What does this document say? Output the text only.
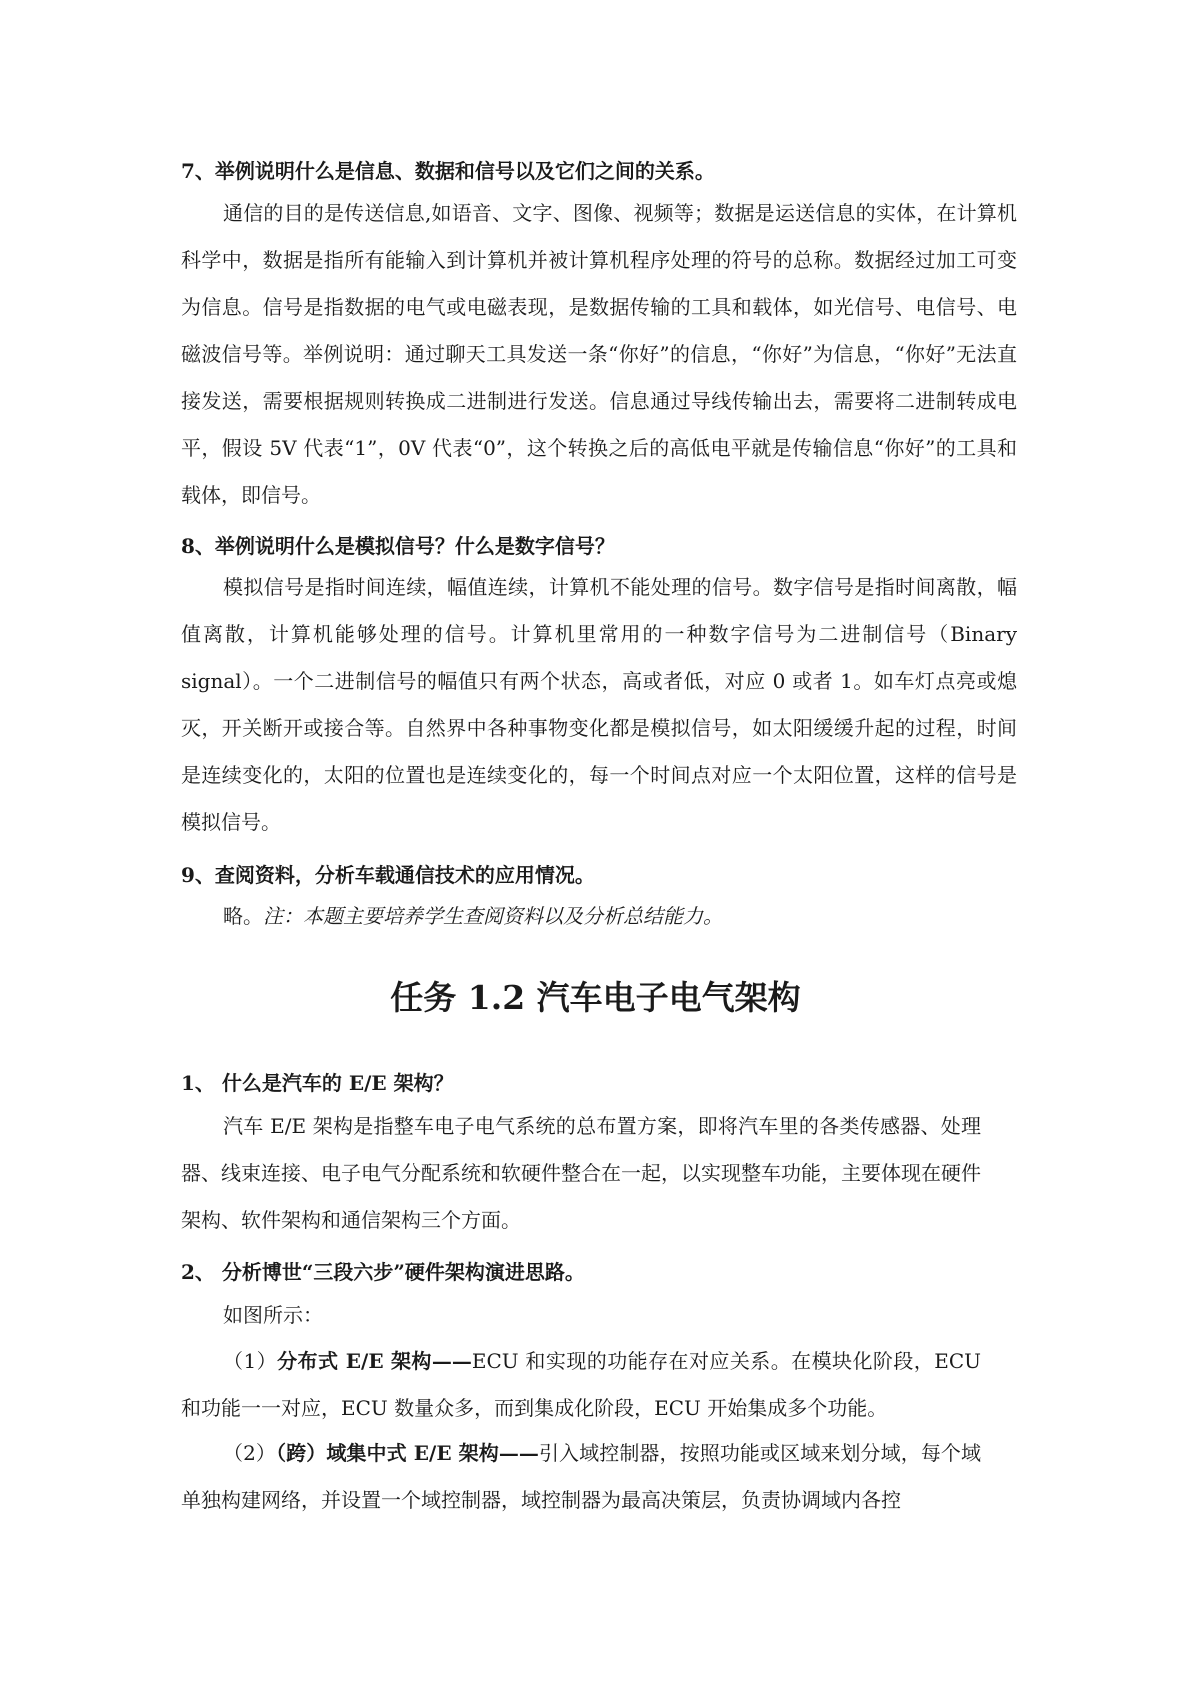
7、举例说明什么是信息、数据和信号以及它们之间的关系。

通信的目的是传送信息,如语音、文字、图像、视频等；数据是运送信息的实体，在计算机科学中，数据是指所有能输入到计算机并被计算机程序处理的符号的总称。数据经过加工可变为信息。信号是指数据的电气或电磁表现，是数据传输的工具和载体，如光信号、电信号、电磁波信号等。举例说明：通过聊天工具发送一条“你好”的信息，“你好”为信息，“你好”无法直接发送，需要根据规则转换成二进制进行发送。信息通过导线传输出去，需要将二进制转成电平，假设 5V 代表“1”，0V 代表“0”，这个转换之后的高低电平就是传输信息“你好”的工具和载体，即信号。

8、举例说明什么是模拟信号？什么是数字信号？

模拟信号是指时间连续，幅值连续，计算机不能处理的信号。数字信号是指时间离散，幅值离散，计算机能够处理的信号。计算机里常用的一种数字信号为二进制信号（Binary signal）。一个二进制信号的幅值只有两个状态，高或者低，对应 0 或者 1。如车灯点亮或熄灭，开关断开或接合等。自然界中各种事物变化都是模拟信号，如太阳缓缓升起的过程，时间是连续变化的，太阳的位置也是连续变化的，每一个时间点对应一个太阳位置，这样的信号是模拟信号。

9、查阅资料，分析车载通信技术的应用情况。

略。注：本题主要培养学生查阅资料以及分析总结能力。

任务 1.2 汽车电子电气架构

1、 什么是汽车的 E/E 架构？

汽车 E/E 架构是指整车电子电气系统的总布置方案，即将汽车里的各类传感器、处理器、线束连接、电子电气分配系统和软硬件整合在一起，以实现整车功能，主要体现在硬件架构、软件架构和通信架构三个方面。

2、 分析博世“三段六步”硬件架构演进思路。

如图所示：

（1）分布式 E/E 架构——ECU 和实现的功能存在对应关系。在模块化阶段，ECU 和功能一一对应，ECU 数量众多，而到集成化阶段，ECU 开始集成多个功能。

（2）（跨）域集中式 E/E 架构——引入域控制器，按照功能或区域来划分域，每个域单独构建网络，并设置一个域控制器，域控制器为最高决策层，负责协调域内各控
